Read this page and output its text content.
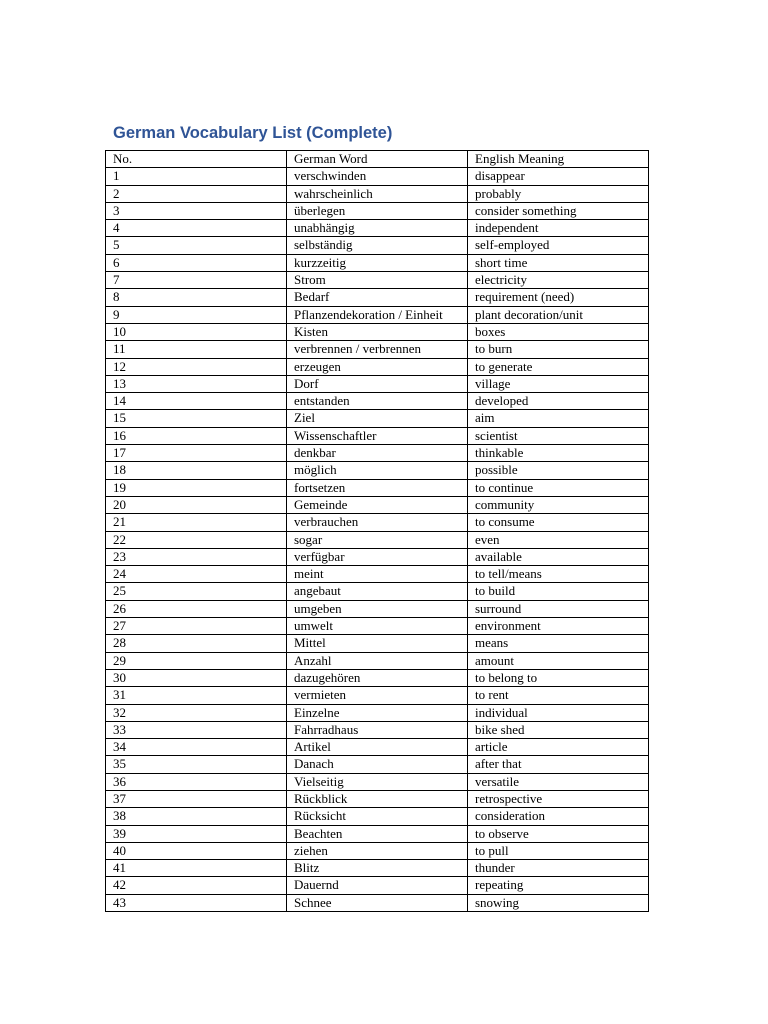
German Vocabulary List (Complete)
No.	German Word	English Meaning
1	verschwinden	disappear
2	wahrscheinlich	probably
3	überlegen	consider something
4	unabhängig	independent
5	selbständig	self-employed
6	kurzzeitig	short time
7	Strom	electricity
8	Bedarf	requirement (need)
9	Pflanzendekoration / Einheit	plant decoration/unit
10	Kisten	boxes
11	verbrennen / verbrennen	to burn
12	erzeugen	to generate
13	Dorf	village
14	entstanden	developed
15	Ziel	aim
16	Wissenschaftler	scientist
17	denkbar	thinkable
18	möglich	possible
19	fortsetzen	to continue
20	Gemeinde	community
21	verbrauchen	to consume
22	sogar	even
23	verfügbar	available
24	meint	to tell/means
25	angebaut	to build
26	umgeben	surround
27	umwelt	environment
28	Mittel	means
29	Anzahl	amount
30	dazugehören	to belong to
31	vermieten	to rent
32	Einzelne	individual
33	Fahrradhaus	bike shed
34	Artikel	article
35	Danach	after that
36	Vielseitig	versatile
37	Rückblick	retrospective
38	Rücksicht	consideration
39	Beachten	to observe
40	ziehen	to pull
41	Blitz	thunder
42	Dauernd	repeating
43	Schnee	snowing
